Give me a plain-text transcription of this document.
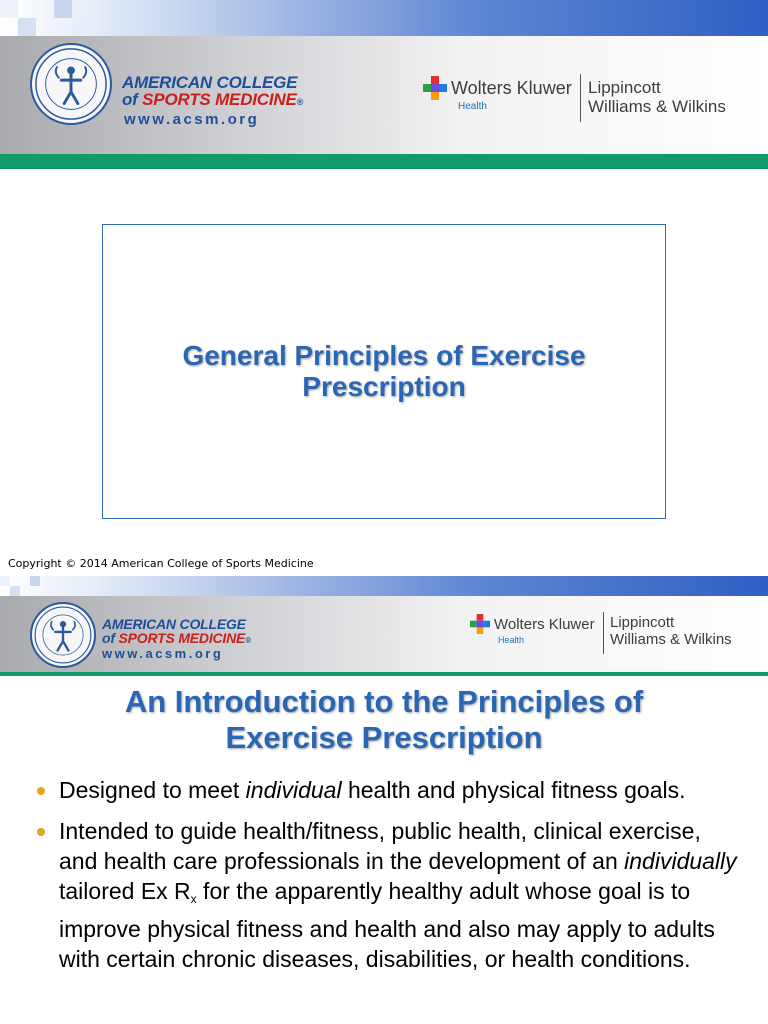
AMERICAN COLLEGE
of SPORTS MEDICINE®
www.acsm.org
Wolters Kluwer
Health
Lippincott
Williams & Wilkins
General Principles of Exercise Prescription
Copyright © 2014 American College of Sports Medicine
AMERICAN COLLEGE
of SPORTS MEDICINE®
www.acsm.org
Wolters Kluwer
Health
Lippincott
Williams & Wilkins
An Introduction to the Principles of
Exercise Prescription
Designed to meet individual health and physical fitness goals.
Intended to guide health/fitness, public health, clinical exercise, and health care professionals in the development of an individually tailored Ex $R_x$ for the apparently healthy adult whose goal is to improve physical fitness and health and also may apply to adults with certain chronic diseases, disabilities, or health conditions.
